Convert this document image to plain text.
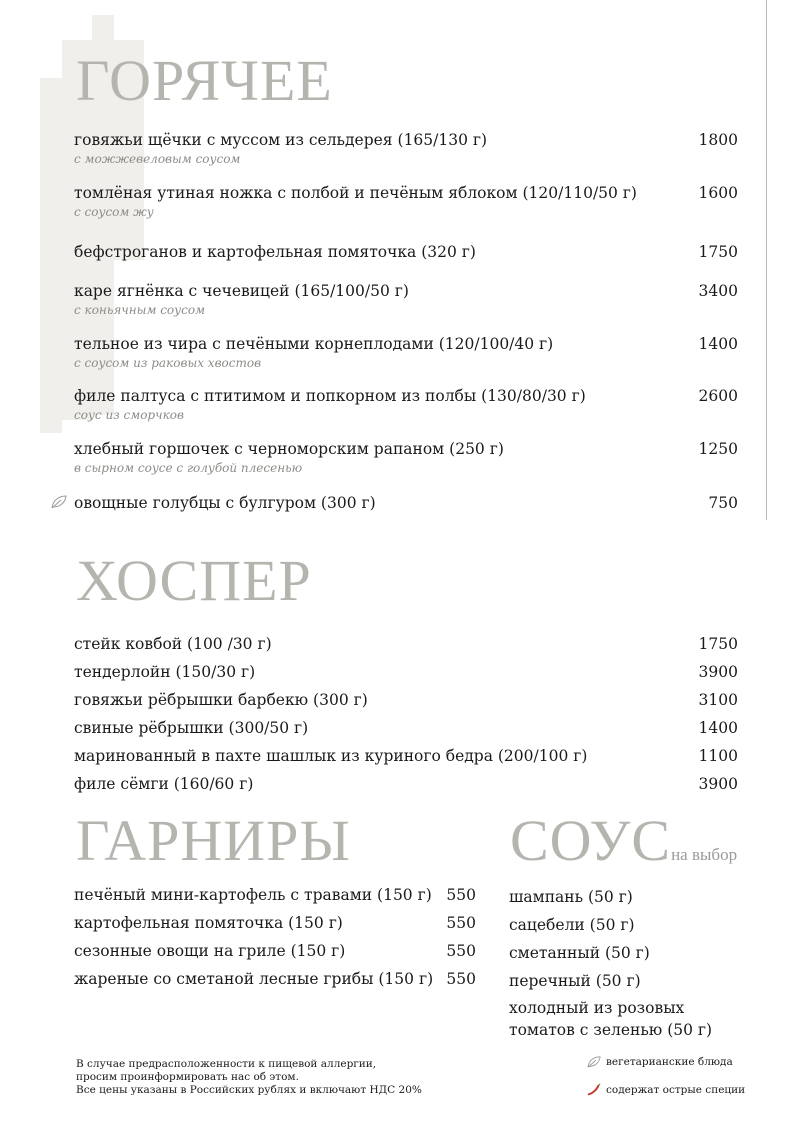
ГОРЯЧЕЕ
говяжьи щёчки с муссом из сельдерея (165/130 г)	1800
с можжевеловым соусом
томлёная утиная ножка с полбой и печёным яблоком (120/110/50 г)	1600
с соусом жу
бефстроганов и картофельная помяточка (320 г)	1750
каре ягнёнка с чечевицей (165/100/50 г)	3400
с коньячным соусом
тельное из чира с печёными корнеплодами (120/100/40 г)	1400
с соусом из раковых хвостов
филе палтуса с птитимом и попкорном из полбы (130/80/30 г)	2600
соус из сморчков
хлебный горшочек с черноморским рапаном (250 г)	1250
в сырном соусе с голубой плесенью
овощные голубцы с булгуром (300 г)	750
ХОСПЕР
стейк ковбой (100 /30 г)	1750
тендерлойн (150/30 г)	3900
говяжьи рёбрышки барбекю (300 г)	3100
свиные рёбрышки (300/50 г)	1400
маринованный в пахте шашлык из куриного бедра (200/100 г)	1100
филе сёмги (160/60 г)	3900
ГАРНИРЫ
печёный мини-картофель с травами (150 г) 550
картофельная помяточка (150 г)	550
сезонные овощи на гриле (150 г)	550
жареные со сметаной лесные грибы (150 г) 550
СОУСна выбор
шампань (50 г)
сацебели (50 г)
сметанный (50 г)
перечный (50 г)
холодный из розовых томатов с зеленью (50 г)
В случае предрасположенности к пищевой аллергии,
просим проинформировать нас об этом.
Все цены указаны в Российских рублях и включают НДС 20%
вегетарианские блюда
содержат острые специи
